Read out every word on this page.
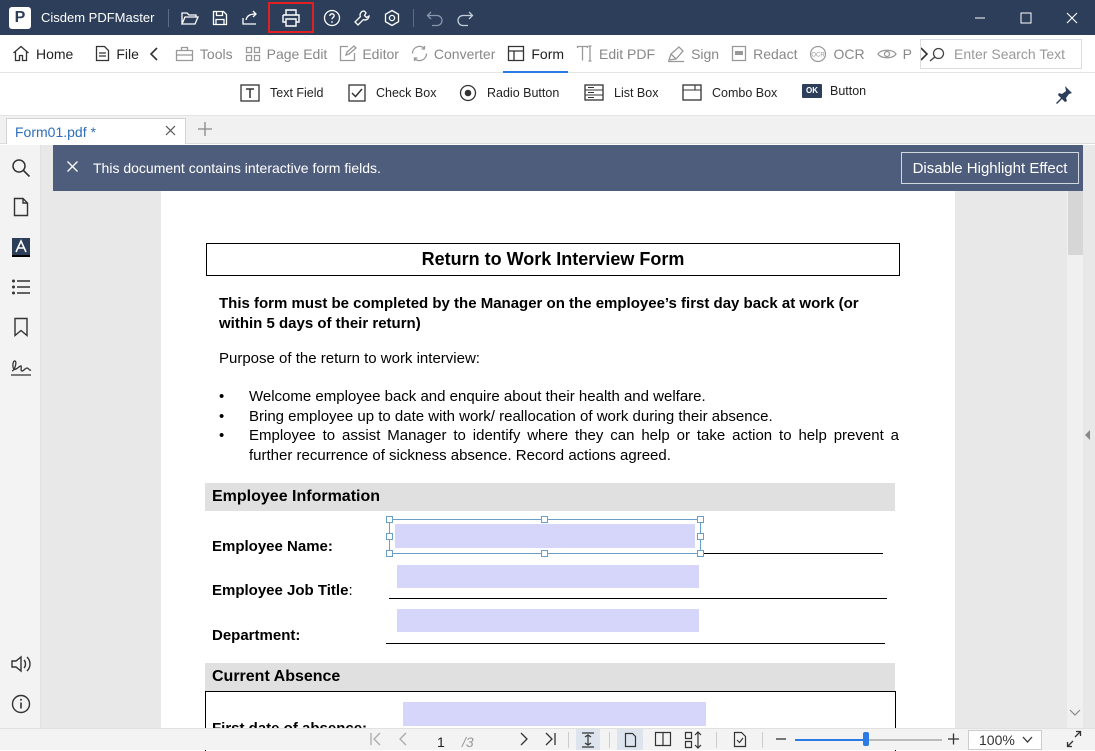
P	Cisdem PDFMaster
Home	File	Tools Page Edit	Editor	Converter	Form	Edit PDF	Sign Redact OCR OCR	P
Enter Search Text
Text Field	Check Box	Radio Button	List Box	Combo Box	OK Button
Form01.pdf *
This document contains interactive form fields.	Disable Highlight Effect
Return to Work Interview Form
This form must be completed by the Manager on the employee’s first day back at work (or within 5 days of their return)
Purpose of the return to work interview:
• Welcome employee back and enquire about their health and welfare.
• Bring employee up to date with work/ reallocation of work during their absence.
• Employee to assist Manager to identify where they can help or take action to help prevent a further recurrence of sickness absence. Record actions agreed.
Employee Information
Employee Name:
Employee Job Title:
Department:
Current Absence
1 /3	100%
